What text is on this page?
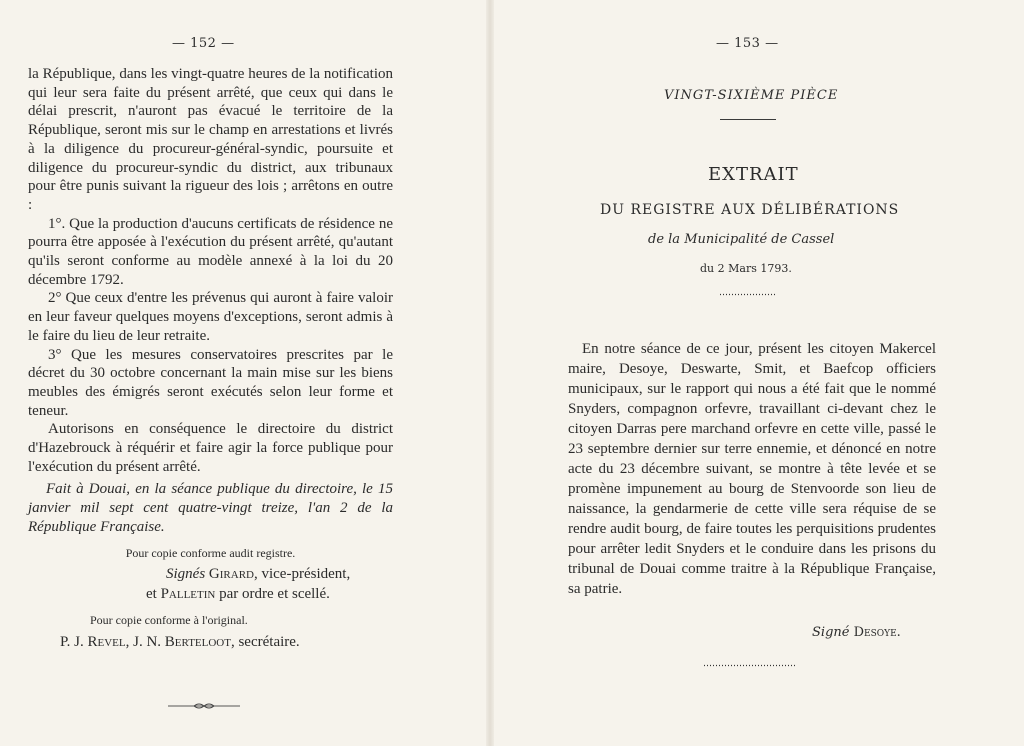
— 152 —

la République, dans les vingt-quatre heures de la notification qui leur sera faite du présent arrêté, que ceux qui dans le délai prescrit, n'auront pas évacué le territoire de la République, seront mis sur le champ en arrestations et livrés à la diligence du procureur-général-syndic, poursuite et diligence du procureur-syndic du district, aux tribunaux pour être punis suivant la rigueur des lois ; arrêtons en outre :

1°. Que la production d'aucuns certificats de résidence ne pourra être apposée à l'exécution du présent arrêté, qu'autant qu'ils seront conforme au modèle annexé à la loi du 20 décembre 1792.

2° Que ceux d'entre les prévenus qui auront à faire valoir en leur faveur quelques moyens d'exceptions, seront admis à le faire du lieu de leur retraite.

3° Que les mesures conservatoires prescrites par le décret du 30 octobre concernant la main mise sur les biens meubles des émigrés seront exécutés selon leur forme et teneur.

Autorisons en conséquence le directoire du district d'Hazebrouck à réquérir et faire agir la force publique pour l'exécution du présent arrêté.

Fait à Douai, en la séance publique du directoire, le 15 janvier mil sept cent quatre-vingt treize, l'an 2 de la République Française.

Pour copie conforme audit registre.
Signés Girard, vice-président,
et Palletin par ordre et scellé.
Pour copie conforme à l'original.
P. J. Revel, J. N. Berteloot, secrétaire.
— 153 —
VINGT-SIXIÈME PIÈCE
EXTRAIT
DU REGISTRE AUX DÉLIBÉRATIONS
de la Municipalité de Cassel
du 2 Mars 1793.

En notre séance de ce jour, présent les citoyen Makercel maire, Desoye, Deswarte, Smit, et Baefcop officiers municipaux, sur le rapport qui nous a été fait que le nommé Snyders, compagnon orfevre, travaillant ci-devant chez le citoyen Darras pere marchand orfevre en cette ville, passé le 23 septembre dernier sur terre ennemie, et dénoncé en notre acte du 23 décembre suivant, se montre à tête levée et se promène impunement au bourg de Stenvoorde son lieu de naissance, la gendarmerie de cette ville sera réquise de se rendre audit bourg, de faire toutes les perquisitions prudentes pour arrêter ledit Snyders et le conduire dans les prisons du tribunal de Douai comme traitre à la République Française, sa patrie.

Signé Desoye.
